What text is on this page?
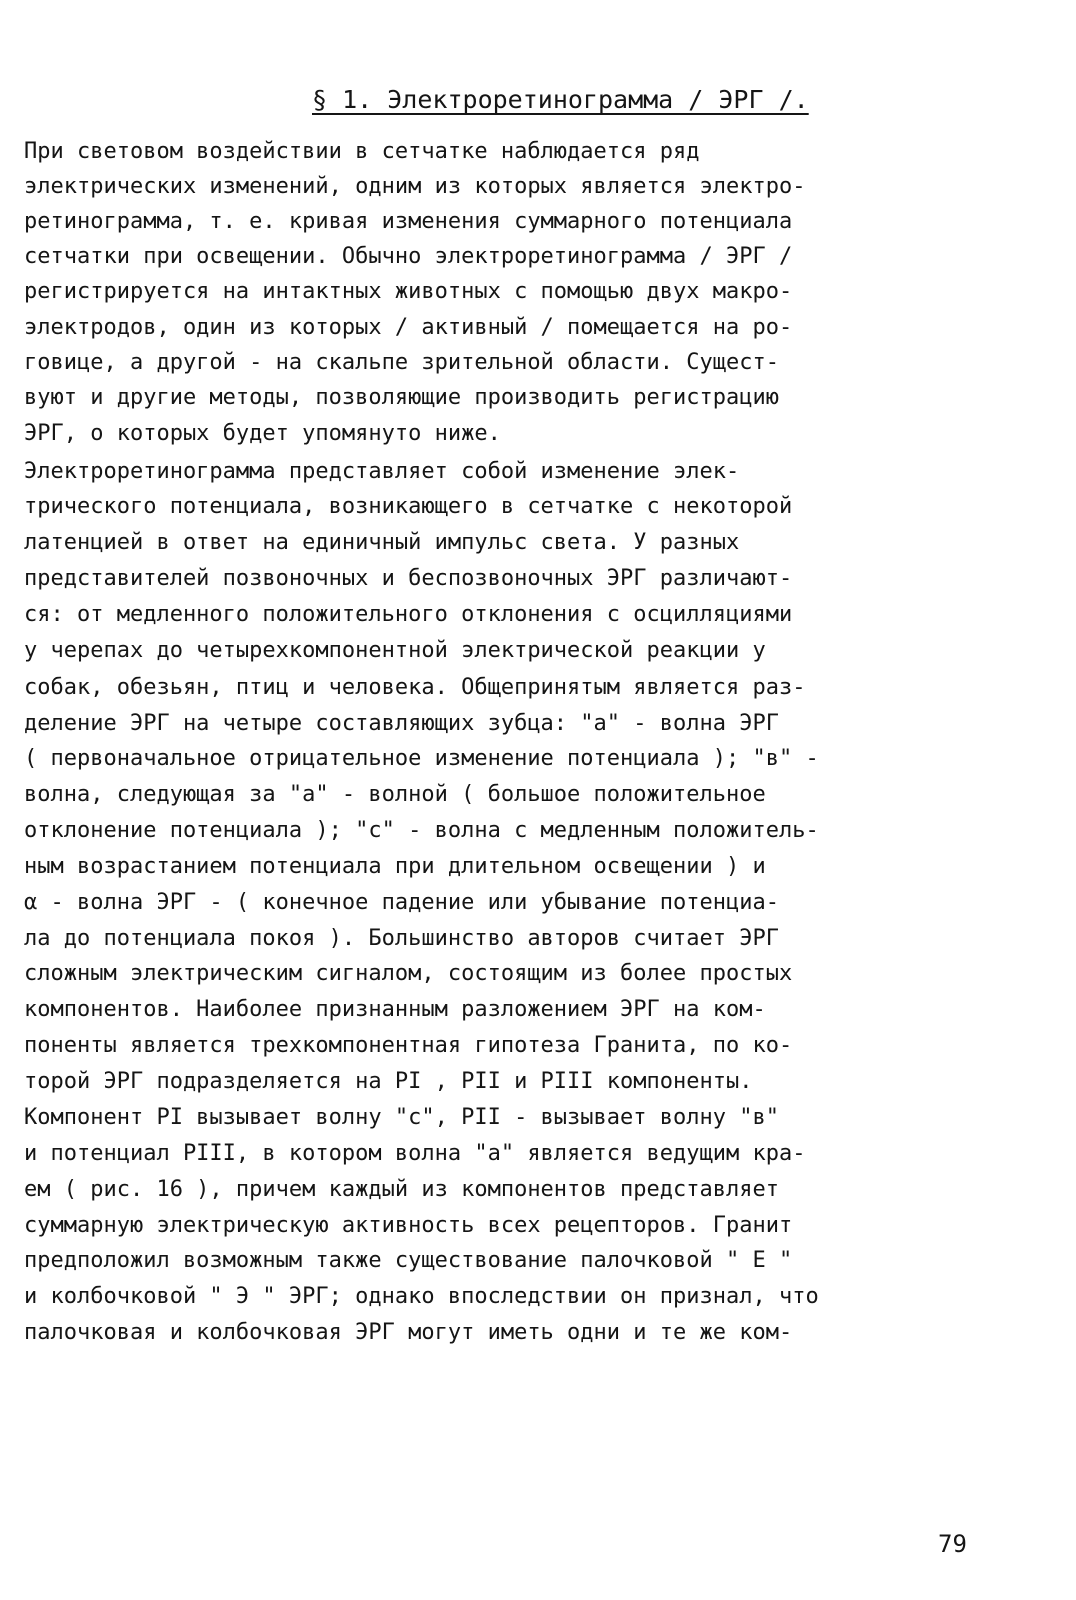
§ 1. Электроретинограмма / ЭРГ /.
При световом воздействии в сетчатке наблюдается ряд
электрических изменений, одним из которых является электро-
ретинограмма, т. е. кривая изменения суммарного потенциала
сетчатки при освещении. Обычно электроретинограмма / ЭРГ /
регистрируется на интактных животных с помощью двух макро-
электродов, один из которых / активный / помещается на ро-
говице, а другой - на скальпе зрительной области. Сущест-
вуют и другие методы, позволяющие производить регистрацию
ЭРГ, о которых будет упомянуто ниже.
Электроретинограмма представляет собой изменение элек-
трического потенциала, возникающего в сетчатке с некоторой
латенцией в ответ на единичный импульс света. У разных
представителей позвоночных и беспозвоночных ЭРГ различают-
ся: от медленного положительного отклонения с осцилляциями
у черепах до четырехкомпонентной электрической реакции у
собак, обезьян, птиц и человека. Общепринятым является раз-
деление ЭРГ на четыре составляющих зубца: "а" - волна ЭРГ
( первоначальное отрицательное изменение потенциала ); "в" -
волна, следующая за "а" - волной ( большое положительное
отклонение потенциала ); "с" - волна с медленным положитель-
ным возрастанием потенциала при длительном освещении ) и
α - волна ЭРГ - ( конечное падение или убывание потенциа-
ла до потенциала покоя ). Большинство авторов считает ЭРГ
сложным электрическим сигналом, состоящим из более простых
компонентов. Наиболее признанным разложением ЭРГ на ком-
поненты является трехкомпонентная гипотеза Гранита, по ко-
торой ЭРГ подразделяется на PI , PII и PIII компоненты.
Компонент PI вызывает волну "с", PII - вызывает волну "в"
и потенциал PIII, в котором волна "а" является ведущим кра-
ем ( рис. 16 ), причем каждый из компонентов представляет
суммарную электрическую активность всех рецепторов. Гранит
предположил возможным также существование палочковой " E "
и колбочковой " Э " ЭРГ; однако впоследствии он признал, что
палочковая и колбочковая ЭРГ могут иметь одни и те же ком-
79
